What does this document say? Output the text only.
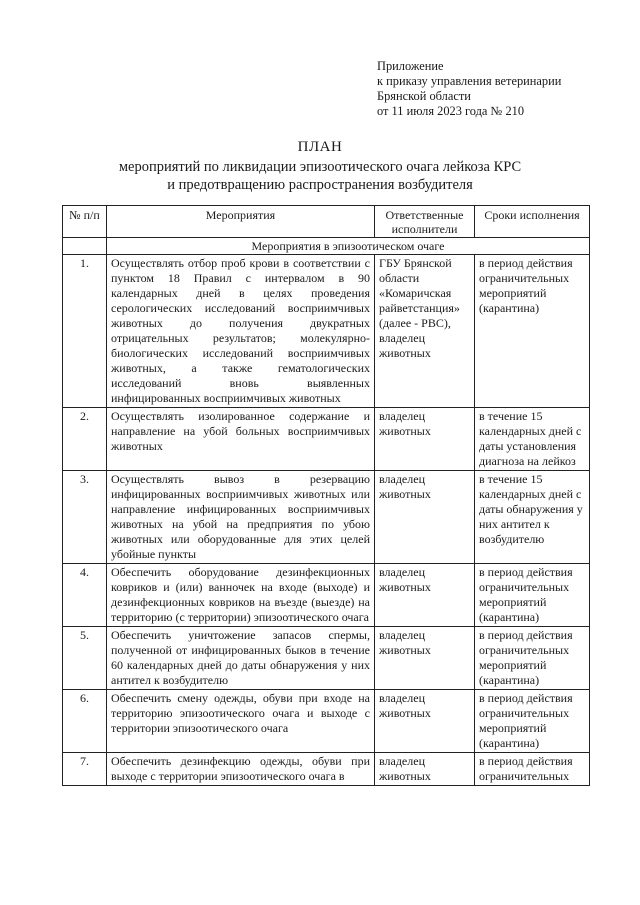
Приложение
к приказу управления ветеринарии
Брянской области
от 11 июля 2023 года № 210
ПЛАН
мероприятий по ликвидации эпизоотического очага лейкоза КРС
и предотвращению распространения возбудителя
№ п/п	Мероприятия	Ответственные исполнители	Сроки исполнения
	Мероприятия в эпизоотическом очаге		
1.	Осуществлять отбор проб крови в соответствии с пунктом 18 Правил с интервалом в 90 календарных дней в целях проведения серологических исследований восприимчивых животных до получения двукратных отрицательных результатов; молекулярно-биологических исследований восприимчивых животных, а также гематологических исследований вновь выявленных инфицированных восприимчивых животных	ГБУ Брянской области «Комаричская райветстанция» (далее - РВС), владелец животных	в период действия ограничительных мероприятий (карантина)
2.	Осуществлять изолированное содержание и направление на убой больных восприимчивых животных	владелец животных	в течение 15 календарных дней с даты установления диагноза на лейкоз
3.	Осуществлять вывоз в резервацию инфицированных восприимчивых животных или направление инфицированных восприимчивых животных на убой на предприятия по убою животных или оборудованные для этих целей убойные пункты	владелец животных	в течение 15 календарных дней с даты обнаружения у них антител к возбудителю
4.	Обеспечить оборудование дезинфекционных ковриков и (или) ванночек на входе (выходе) и дезинфекционных ковриков на въезде (выезде) на территорию (с территории) эпизоотического очага	владелец животных	в период действия ограничительных мероприятий (карантина)
5.	Обеспечить уничтожение запасов спермы, полученной от инфицированных быков в течение 60 календарных дней до даты обнаружения у них антител к возбудителю	владелец животных	в период действия ограничительных мероприятий (карантина)
6.	Обеспечить смену одежды, обуви при входе на территорию эпизоотического очага и выходе с территории эпизоотического очага	владелец животных	в период действия ограничительных мероприятий (карантина)
7.	Обеспечить дезинфекцию одежды, обуви при выходе с территории эпизоотического очага в	владелец животных	в период действия ограничительных
